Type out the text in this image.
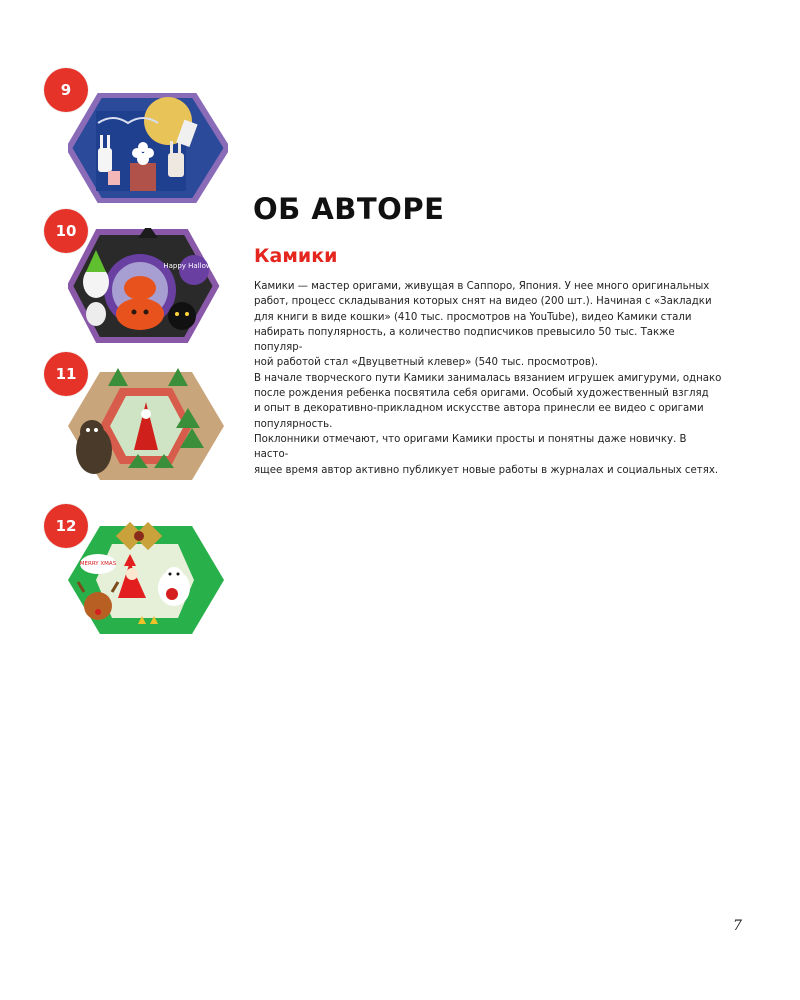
9
Happy Halloween
10
11
MERRY XMAS
12
ОБ АВТОРЕ
Камики

Камики — мастер оригами, живущая в Саппоро, Япония. У нее много оригинальных
работ, процесс складывания которых снят на видео (200 шт.). Начиная с «Закладки
для книги в виде кошки» (410 тыс. просмотров на YouTube), видео Камики стали
набирать популярность, а количество подписчиков превысило 50 тыс. Также популяр-
ной работой стал «Двуцветный клевер» (540 тыс. просмотров).

В начале творческого пути Камики занималась вязанием игрушек амигуруми, однако
после рождения ребенка посвятила себя оригами. Особый художественный взгляд
и опыт в декоративно-прикладном искусстве автора принесли ее видео с оригами
популярность.

Поклонники отмечают, что оригами Камики просты и понятны даже новичку. В насто-
ящее время автор активно публикует новые работы в журналах и социальных сетях.

7
